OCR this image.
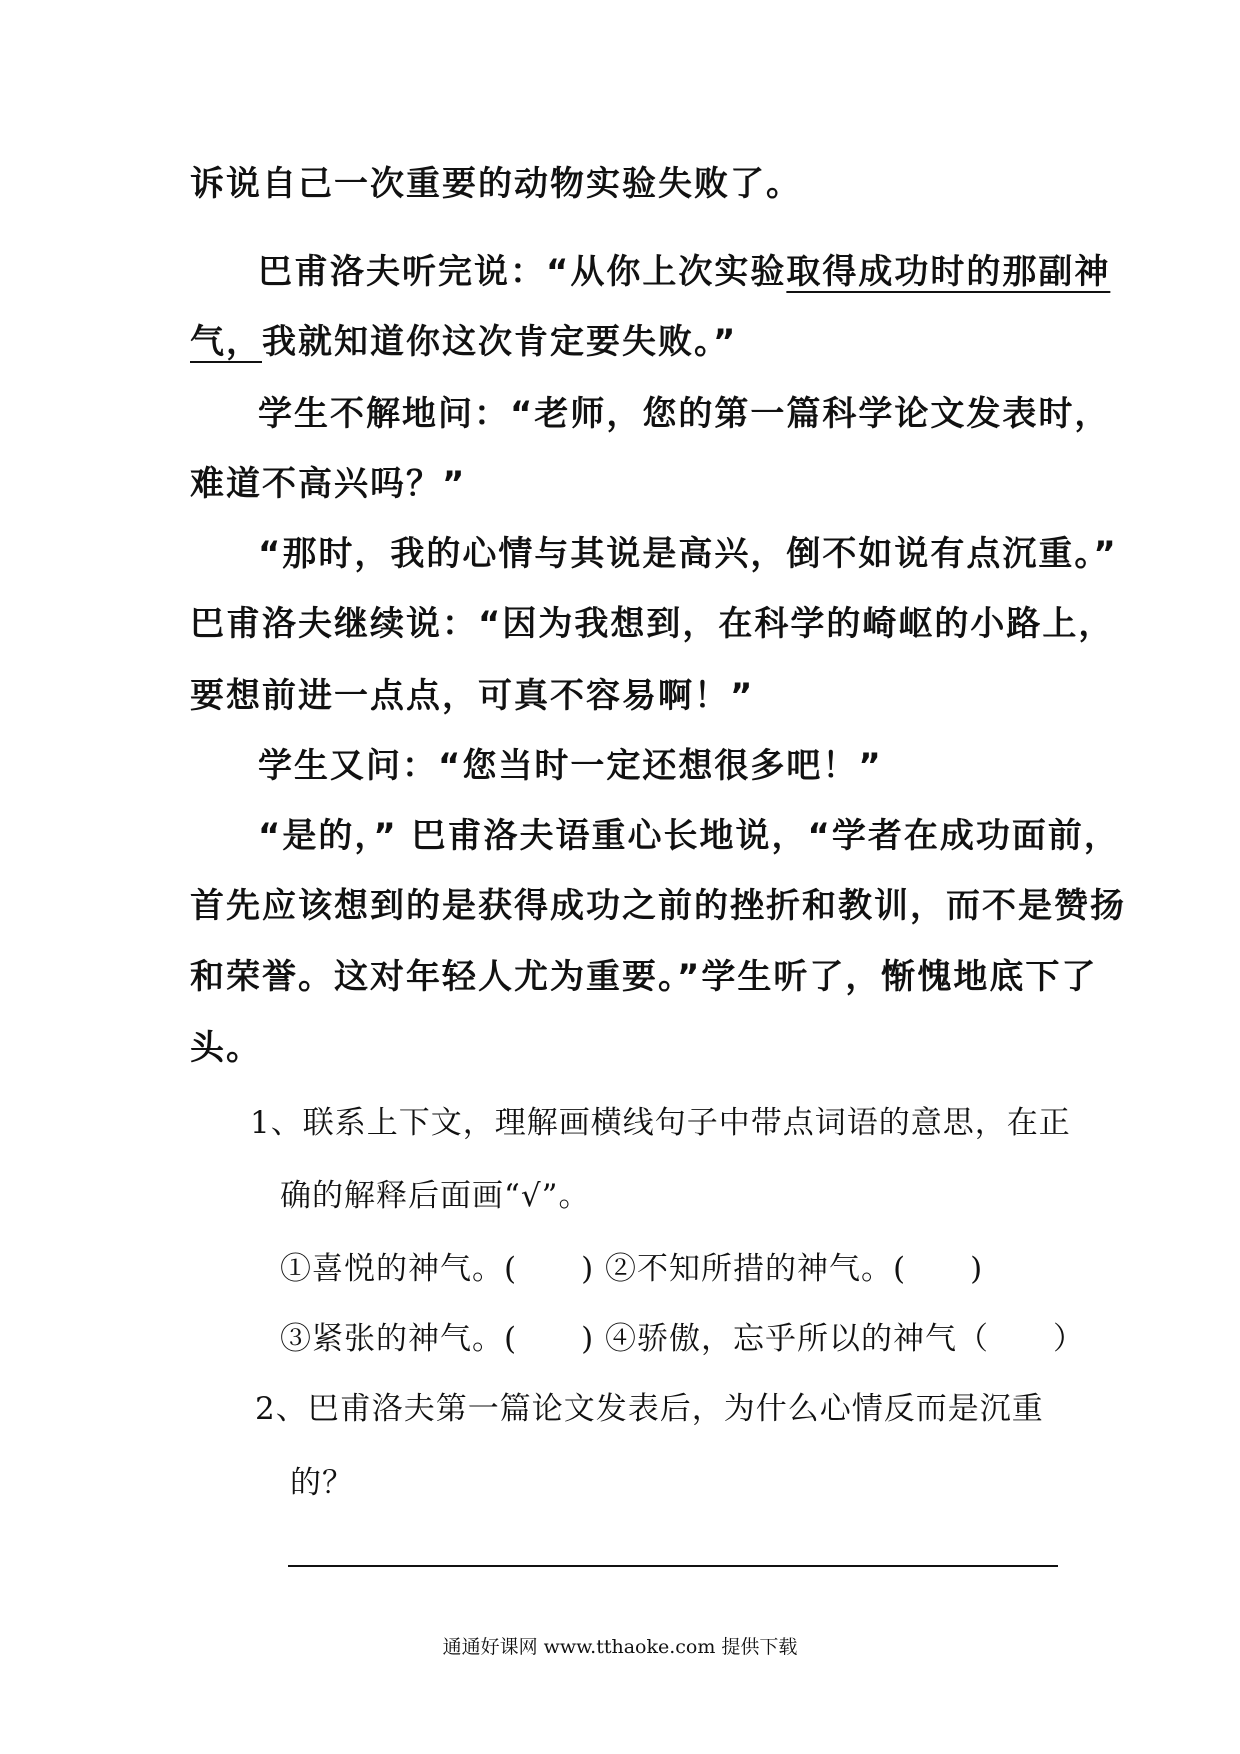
诉说自己一次重要的动物实验失败了。
巴甫洛夫听完说：“从你上次实验取得成功时的那副神
气，我就知道你这次肯定要失败。”
学生不解地问：“老师，您的第一篇科学论文发表时，
难道不高兴吗？”
“那时，我的心情与其说是高兴，倒不如说有点沉重。”
巴甫洛夫继续说：“因为我想到，在科学的崎岖的小路上，
要想前进一点点，可真不容易啊！”
学生又问：“您当时一定还想很多吧！”
“是的，” 巴甫洛夫语重心长地说，“学者在成功面前，
首先应该想到的是获得成功之前的挫折和教训，而不是赞扬
和荣誉。这对年轻人尤为重要。”学生听了，惭愧地底下了
头。
1、联系上下文，理解画横线句子中带点词语的意思，在正
确的解释后面画“√”。
①喜悦的神气。(　　) ②不知所措的神气。(　　)
③紧张的神气。(　　) ④骄傲，忘乎所以的神气（　　）
2、巴甫洛夫第一篇论文发表后，为什么心情反而是沉重
的？
通通好课网 www.tthaoke.com 提供下载
